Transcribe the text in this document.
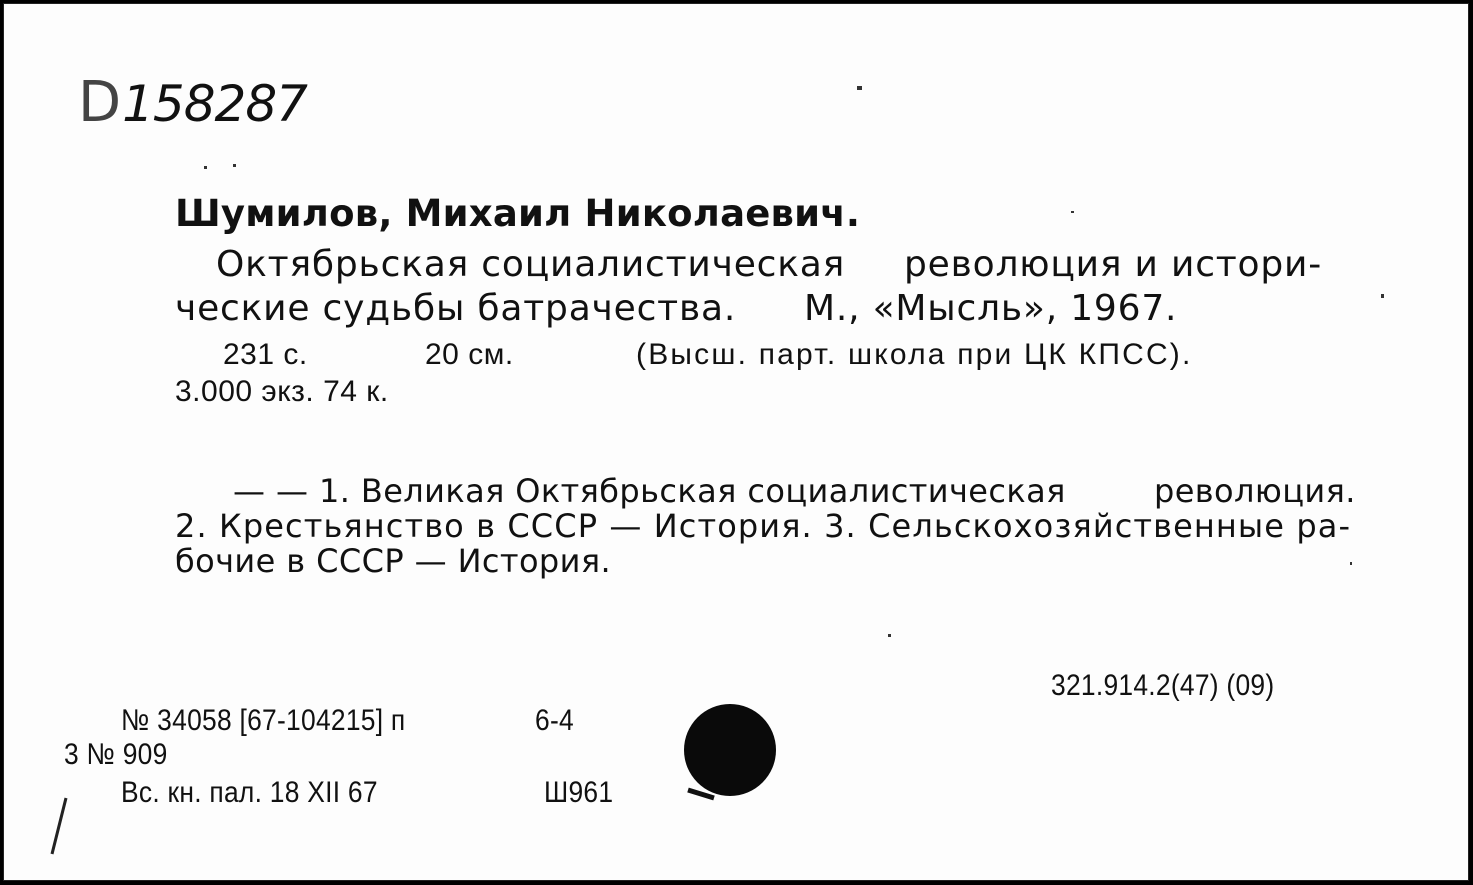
D158287
Шумилов, Михаил Николаевич.
Октябрьская социалистическая революция и истори-
ческие судьбы батрачества. М., «Мысль», 1967.
231 с.	20 см.	(Высш. парт. школа при ЦК КПСС).
3.000 экз. 74 к.
— — 1. Великая Октябрьская социалистическая	революция.
2. Крестьянство в СССР — История. 3. Сельскохозяйственные ра-
бочие в СССР — История.
321.914.2(47) (09)
№ 34058 [67-104215] п	6-4
3 № 909
Вс. кн. пал. 18 XII 67	Ш961
